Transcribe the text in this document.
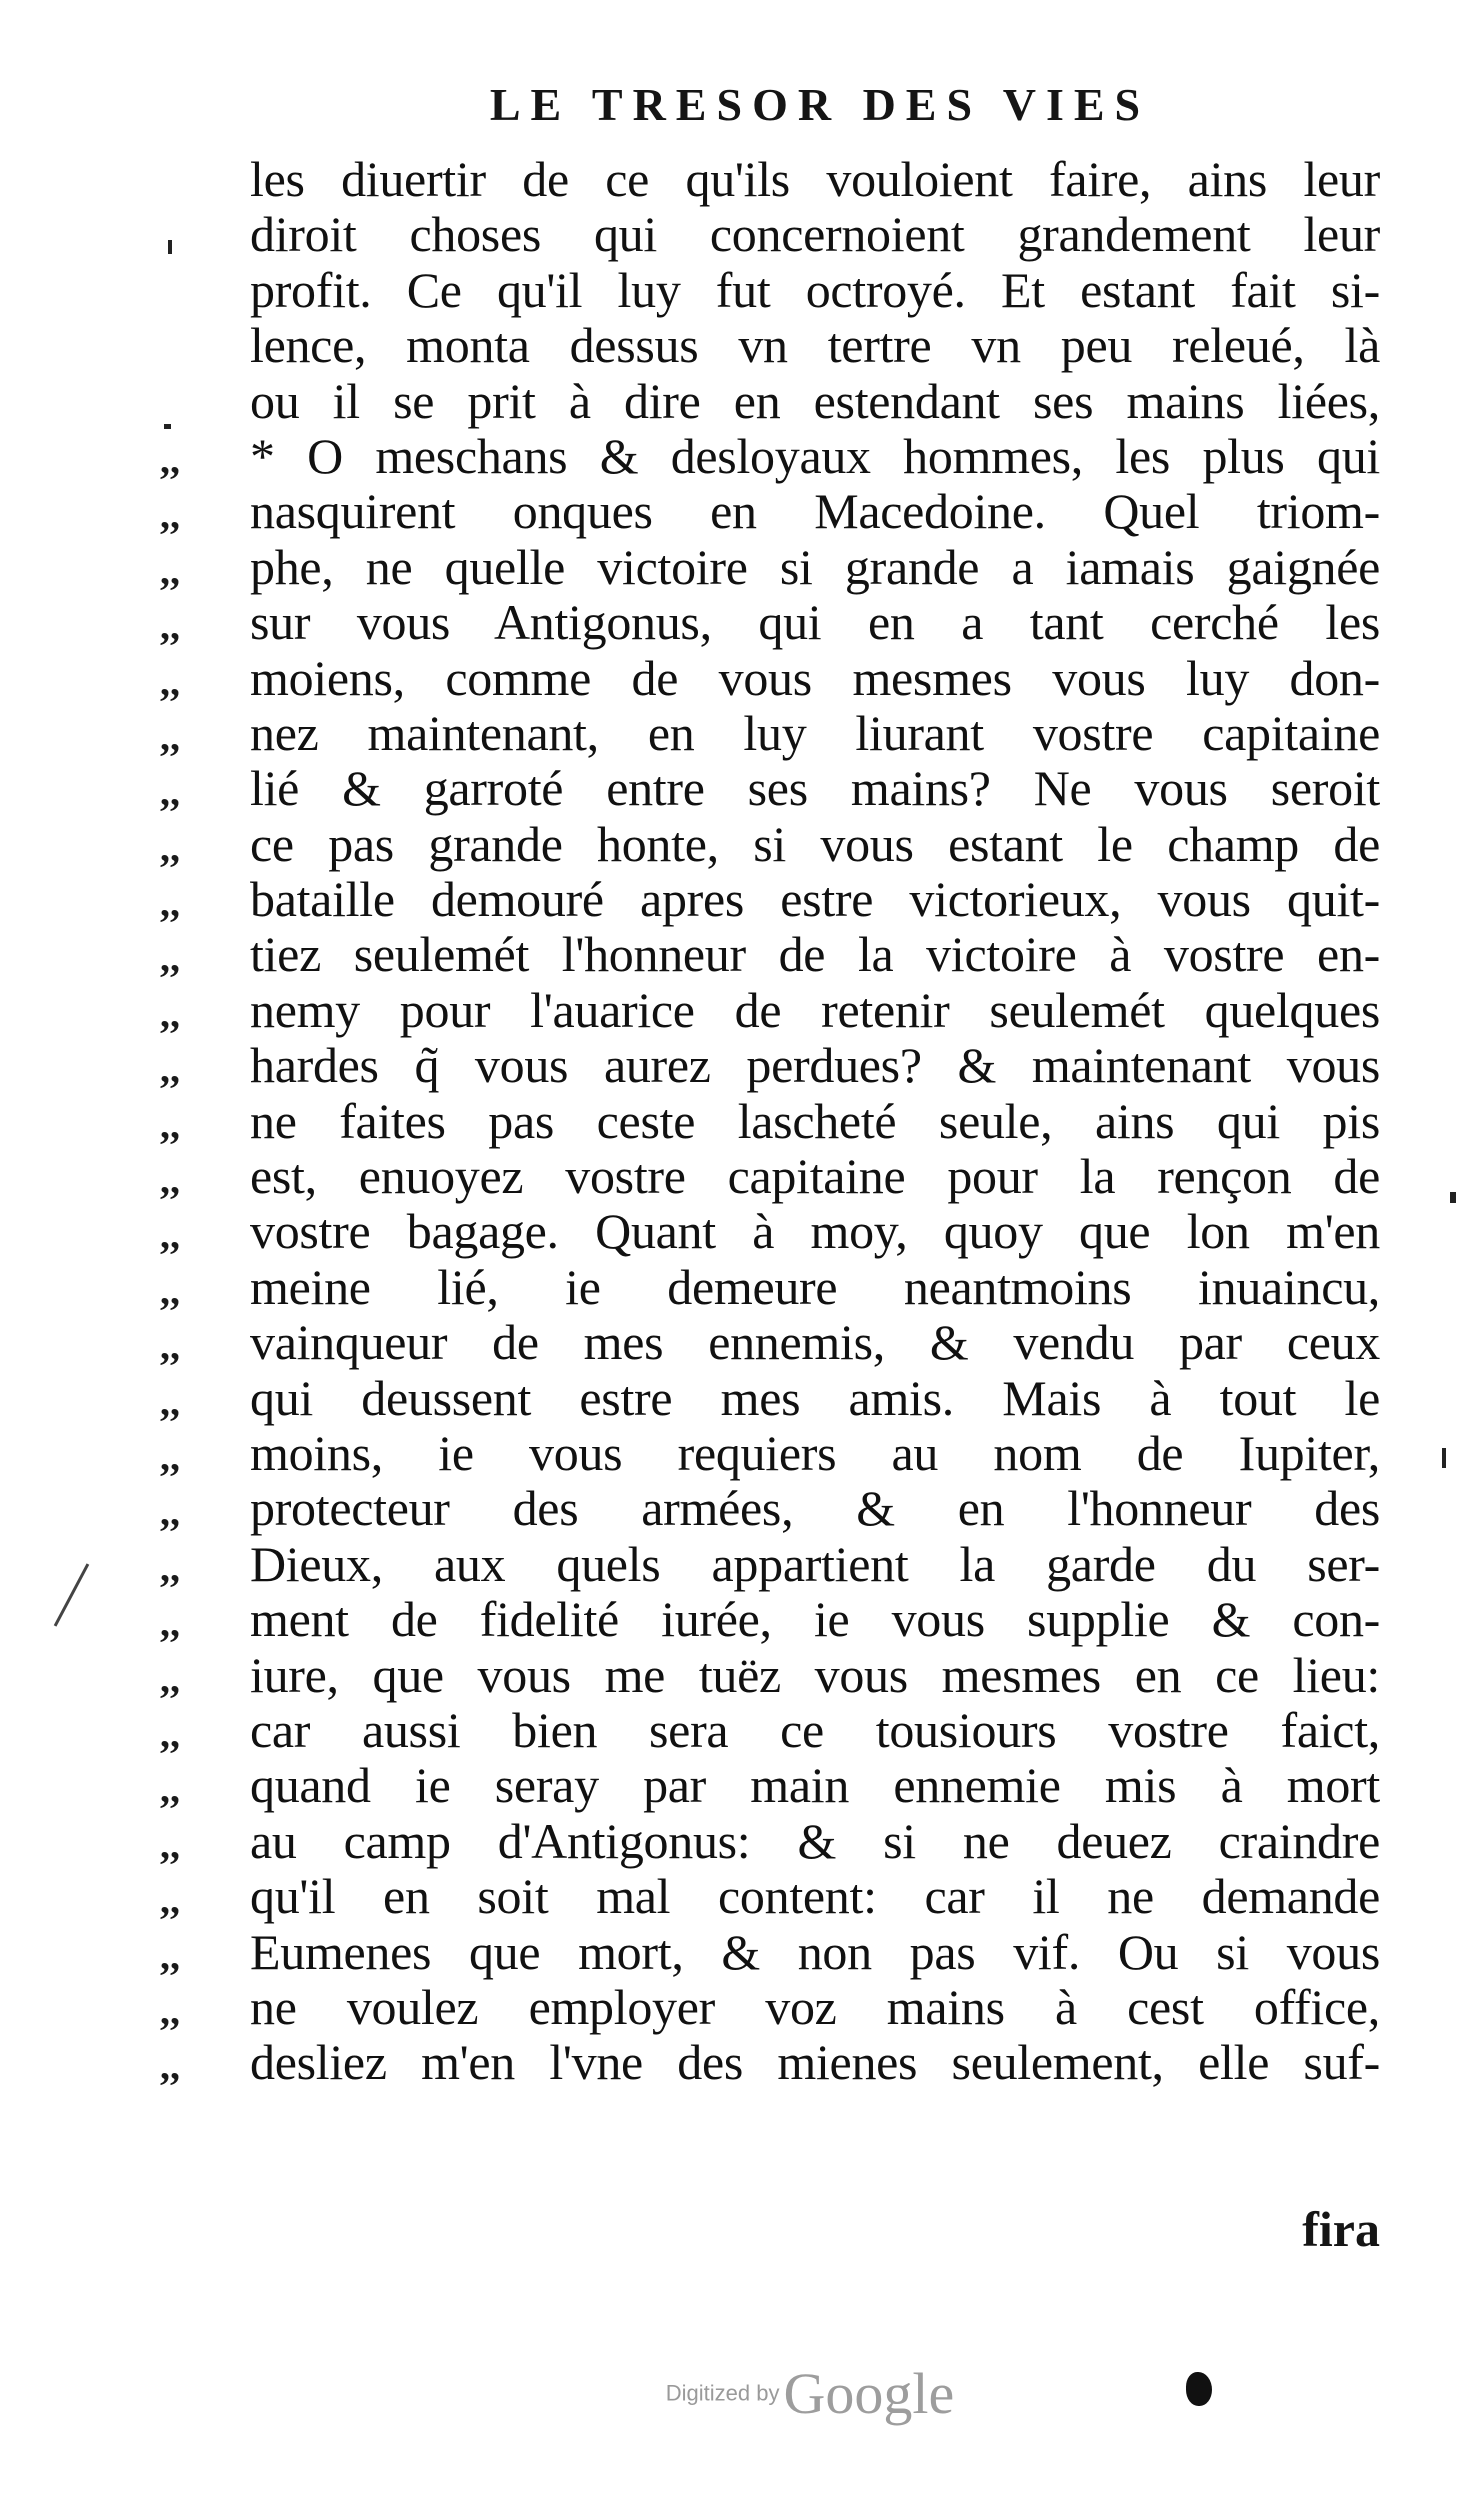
LE TRESOR DES VIES
,,
,,
,,
,,
,,
,,
,,
,,
,,
,,
,,
,,
,,
,,
,,
,,
,,
,,
,,
,,
,,
,,
,,
,,
,,
,,
,,
,,
,,
,,
les diuertir de ce qu'ils vouloient faire, ains leur
diroit choses qui concernoient grandement leur
profit. Ce qu'il luy fut octroyé. Et estant fait si-
lence, monta dessus vn tertre vn peu releué, là
ou il se prit à dire en estendant ses mains liées,
* O meschans & desloyaux hommes, les plus qui
nasquirent onques en Macedoine. Quel triom-
phe, ne quelle victoire si grande a iamais gaignée
sur vous Antigonus, qui en a tant cerché les
moiens, comme de vous mesmes vous luy don-
nez maintenant, en luy liurant vostre capitaine
lié & garroté entre ses mains? Ne vous seroit
ce pas grande honte, si vous estant le champ de
bataille demouré apres estre victorieux, vous quit-
tiez seulemét l'honneur de la victoire à vostre en-
nemy pour l'auarice de retenir seulemét quelques
hardes q̃ vous aurez perdues? & maintenant vous
ne faites pas ceste lascheté seule, ains qui pis
est, enuoyez vostre capitaine pour la rençon de
vostre bagage. Quant à moy, quoy que lon m'en
meine lié, ie demeure neantmoins inuaincu,
vainqueur de mes ennemis, & vendu par ceux
qui deussent estre mes amis. Mais à tout le
moins, ie vous requiers au nom de Iupiter,
protecteur des armées, & en l'honneur des
Dieux, aux quels appartient la garde du ser-
ment de fidelité iurée, ie vous supplie & con-
iure, que vous me tuëz vous mesmes en ce lieu:
car aussi bien sera ce tousiours vostre faict,
quand ie seray par main ennemie mis à mort
au camp d'Antigonus: & si ne deuez craindre
qu'il en soit mal content: car il ne demande
Eumenes que mort, & non pas vif. Ou si vous
ne voulez employer voz mains à cest office,
desliez m'en l'vne des mienes seulement, elle suf-
fira
Digitized by Google
